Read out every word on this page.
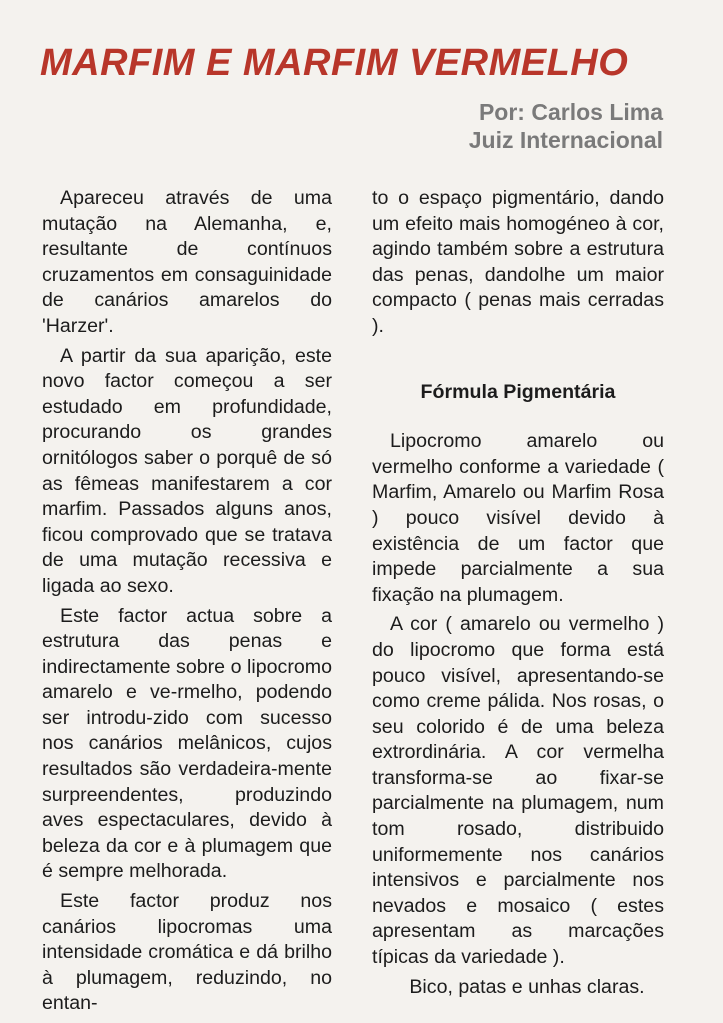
MARFIM E MARFIM VERMELHO
Por: Carlos Lima
Juiz Internacional

Apareceu através de uma mutação na Alemanha, e, resultante de contínuos cruzamentos em consaguinidade de canários amarelos do 'Harzer'.

A partir da sua aparição, este novo factor começou a ser estudado em profundidade, procurando os grandes ornitólogos saber o porquê de só as fêmeas manifestarem a cor marfim. Passados alguns anos, ficou comprovado que se tratava de uma mutação recessiva e ligada ao sexo.

Este factor actua sobre a estrutura das penas e indirectamente sobre o lipocromo amarelo e ve-rmelho, podendo ser introdu-zido com sucesso nos canários melânicos, cujos resultados são verdadeira-mente surpreendentes, produzindo aves espectaculares, devido à beleza da cor e à plumagem que é sempre melhorada.

Este factor produz nos canários lipocromas uma intensidade cromática e dá brilho à plumagem, reduzindo, no entan-

to o espaço pigmentário, dando um efeito mais homogéneo à cor, agindo também sobre a estrutura das penas, dandolhe um maior compacto ( penas mais cerradas ).

Fórmula Pigmentária

Lipocromo amarelo ou vermelho conforme a variedade ( Marfim, Amarelo ou Marfim Rosa ) pouco visível devido à existência de um factor que impede parcialmente a sua fixação na plumagem.

A cor ( amarelo ou vermelho ) do lipocromo que forma está pouco visível, apresentando-se como creme pálida. Nos rosas, o seu colorido é de uma beleza extrordinária. A cor vermelha transforma-se ao fixar-se parcialmente na plumagem, num tom rosado, distribuido uniformemente nos canários intensivos e parcialmente nos nevados e mosaico ( estes apresentam as marcações típicas da variedade ).

Bico, patas e unhas claras.
